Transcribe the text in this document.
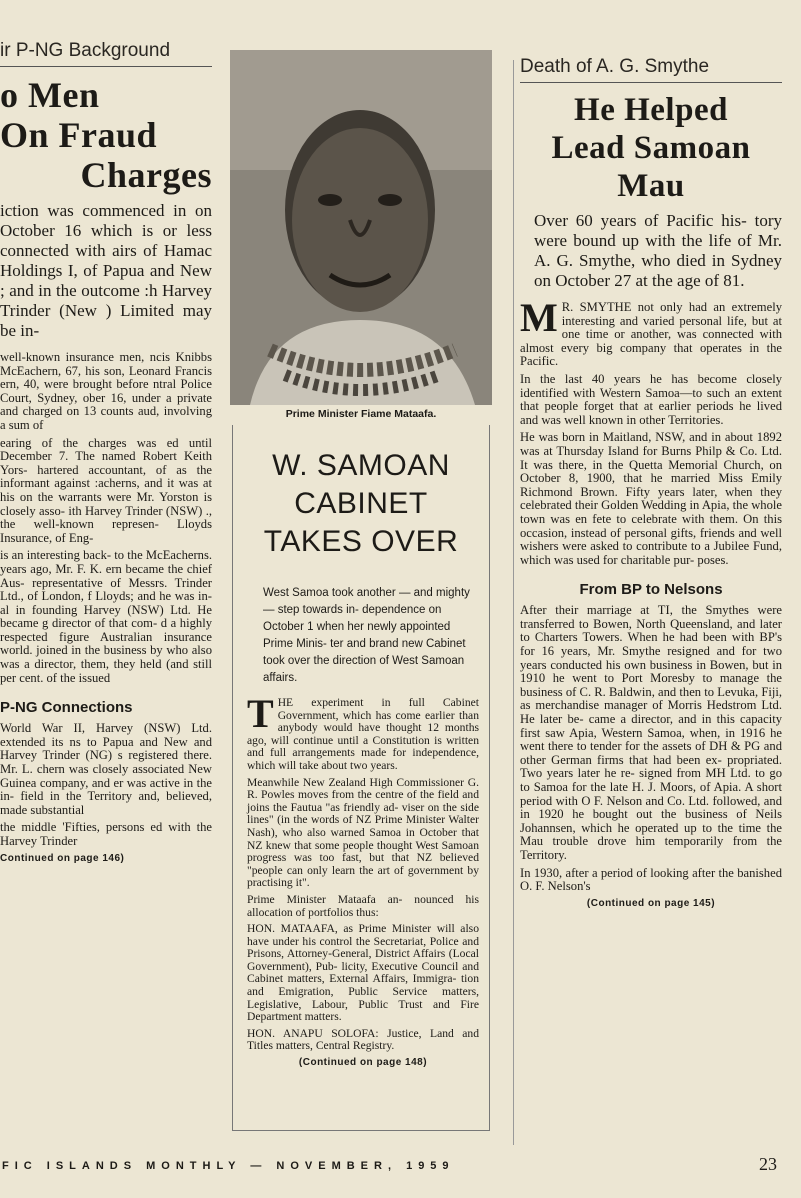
ir P-NG Background
o Men
On Fraud
Charges

iction was commenced in on October 16 which is or less connected with airs of Hamac Holdings I, of Papua and New ; and in the outcome :h Harvey Trinder (New ) Limited may be in-

well-known insurance men, ncis Knibbs McEachern, 67, his son, Leonard Francis ern, 40, were brought before ntral Police Court, Sydney, ober 16, under a private and charged on 13 counts aud, involving a sum of

earing of the charges was ed until December 7. The named Robert Keith Yors- hartered accountant, of as the informant against :acherns, and it was at his on the warrants were Mr. Yorston is closely asso- ith Harvey Trinder (NSW) ., the well-known represen- Lloyds Insurance, of Eng-

is an interesting back- to the McEacherns. years ago, Mr. F. K. ern became the chief Aus- representative of Messrs. Trinder Ltd., of London, f Lloyds; and he was in- al in founding Harvey (NSW) Ltd. He became g director of that com- d a highly respected figure Australian insurance world. joined in the business by who also was a director, them, they held (and still per cent. of the issued

P-NG Connections

World War II, Harvey (NSW) Ltd. extended its ns to Papua and New and Harvey Trinder (NG) s registered there. Mr. L. chern was closely associated New Guinea company, and er was active in the in- field in the Territory and, believed, made substantial

the middle 'Fifties, persons ed with the Harvey Trinder

Continued on page 146)
Prime Minister Fiame Mataafa.
W. SAMOAN
CABINET
TAKES OVER

West Samoa took another — and mighty — step towards in- dependence on October 1 when her newly appointed Prime Minis- ter and brand new Cabinet took over the direction of West Samoan affairs.

THE experiment in full Cabinet Government, which has come earlier than anybody would have thought 12 months ago, will continue until a Constitution is written and full arrangements made for independence, which will take about two years.

Meanwhile New Zealand High Commissioner G. R. Powles moves from the centre of the field and joins the Fautua "as friendly ad- viser on the side lines" (in the words of NZ Prime Minister Walter Nash), who also warned Samoa in October that NZ knew that some people thought West Samoan progress was too fast, but that NZ believed "people can only learn the art of government by practising it".

Prime Minister Mataafa an- nounced his allocation of portfolios thus:

HON. MATAAFA, as Prime Minister will also have under his control the Secretariat, Police and Prisons, Attorney-General, District Affairs (Local Government), Pub- licity, Executive Council and Cabinet matters, External Affairs, Immigra- tion and Emigration, Public Service matters, Legislative, Labour, Public Trust and Fire Department matters.

HON. ANAPU SOLOFA: Justice, Land and Titles matters, Central Registry.

(Continued on page 148)
Death of A. G. Smythe
He Helped
Lead Samoan
Mau

Over 60 years of Pacific his- tory were bound up with the life of Mr. A. G. Smythe, who died in Sydney on October 27 at the age of 81.

M R. SMYTHE not only had an extremely interesting and varied personal life, but at one time or another, was connected with almost every big company that operates in the Pacific.

In the last 40 years he has become closely identified with Western Samoa—to such an extent that people forget that at earlier periods he lived and was well known in other Territories.

He was born in Maitland, NSW, and in about 1892 was at Thursday Island for Burns Philp & Co. Ltd. It was there, in the Quetta Memorial Church, on October 8, 1900, that he married Miss Emily Richmond Brown. Fifty years later, when they celebrated their Golden Wedding in Apia, the whole town was en fete to celebrate with them. On this occasion, instead of personal gifts, friends and well wishers were asked to contribute to a Jubilee Fund, which was used for charitable pur- poses.

From BP to Nelsons

After their marriage at TI, the Smythes were transferred to Bowen, North Queensland, and later to Charters Towers. When he had been with BP's for 16 years, Mr. Smythe resigned and for two years conducted his own business in Bowen, but in 1910 he went to Port Moresby to manage the business of C. R. Baldwin, and then to Levuka, Fiji, as merchandise manager of Morris Hedstrom Ltd. He later be- came a director, and in this capacity first saw Apia, Western Samoa, when, in 1916 he went there to tender for the assets of DH & PG and other German firms that had been ex- propriated. Two years later he re- signed from MH Ltd. to go to Samoa for the late H. J. Moors, of Apia. A short period with O F. Nelson and Co. Ltd. followed, and in 1920 he bought out the business of Neils Johannsen, which he operated up to the time the Mau trouble drove him temporarily from the Territory.

In 1930, after a period of looking after the banished O. F. Nelson's

(Continued on page 145)
FIC ISLANDS MONTHLY — NOVEMBER, 1959	23
